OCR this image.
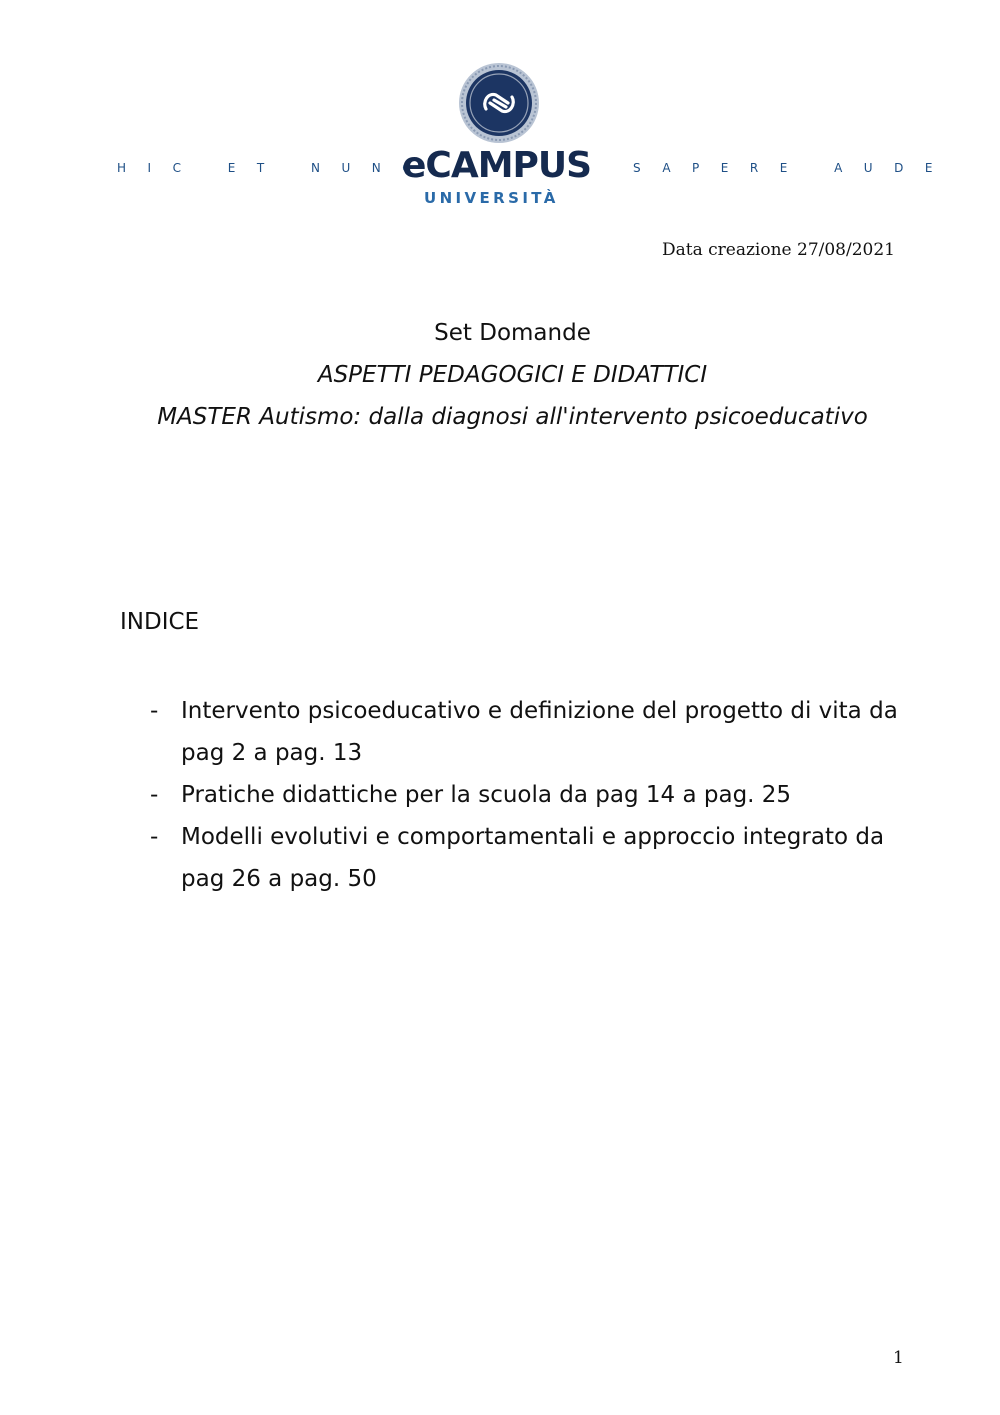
HIC ET NUNC
eCAMPUS
UNIVERSITÀ
SAPERE AUDE
Data creazione 27/08/2021
Set Domande
ASPETTI PEDAGOGICI E DIDATTICI
MASTER Autismo: dalla diagnosi all'intervento psicoeducativo
INDICE
- Intervento psicoeducativo e definizione del progetto di vita da pag 2 a pag. 13
- Pratiche didattiche per la scuola da pag 14 a pag. 25
- Modelli evolutivi e comportamentali e approccio integrato da pag 26 a pag. 50
1
